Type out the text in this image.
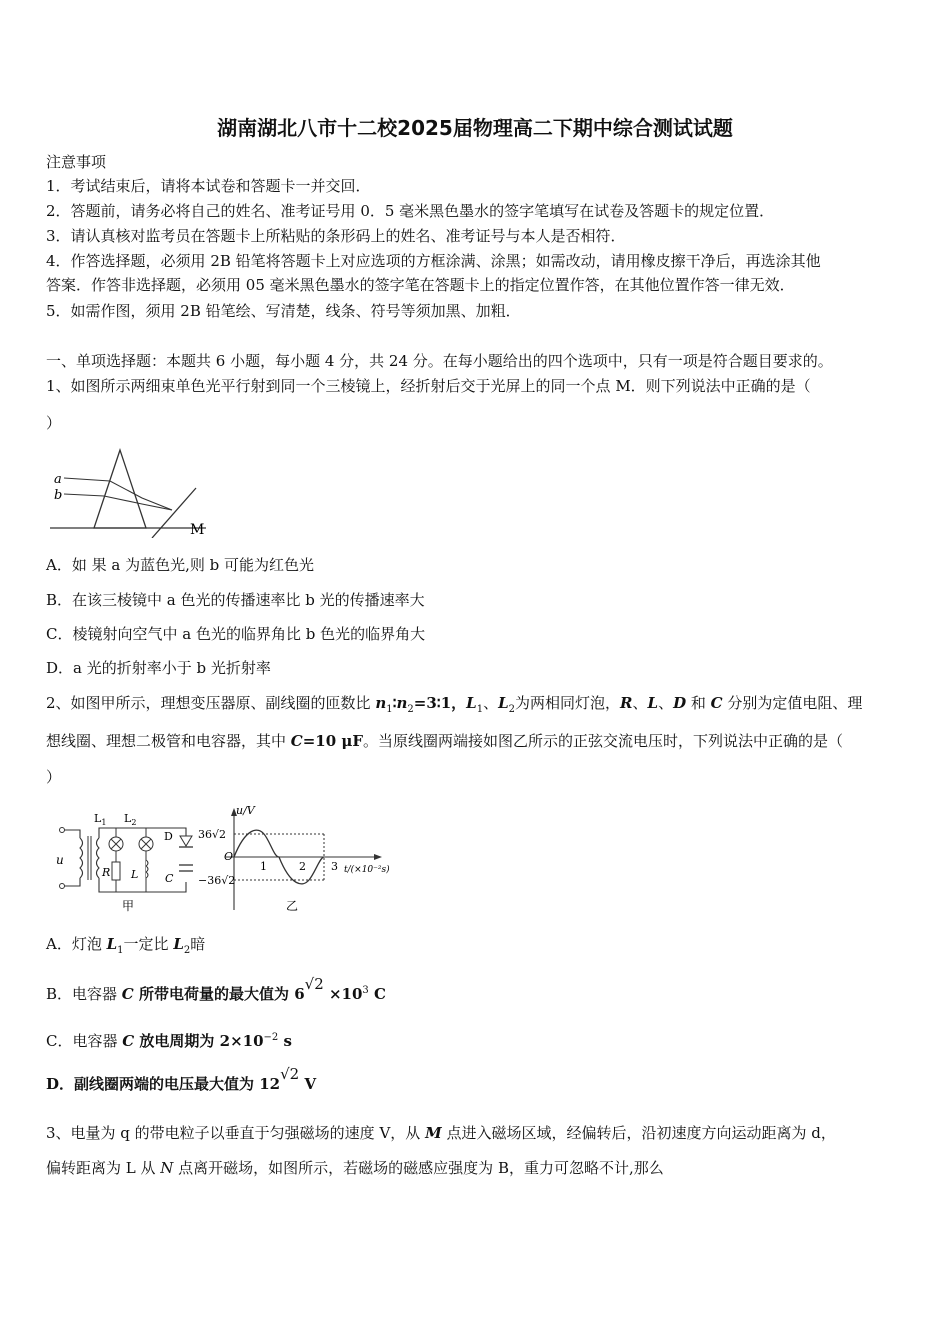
湖南湖北八市十二校2025届物理高二下期中综合测试试题
注意事项
1．考试结束后，请将本试卷和答题卡一并交回．
2．答题前，请务必将自己的姓名、准考证号用 0．5 毫米黑色墨水的签字笔填写在试卷及答题卡的规定位置．
3．请认真核对监考员在答题卡上所粘贴的条形码上的姓名、准考证号与本人是否相符．
4．作答选择题，必须用 2B 铅笔将答题卡上对应选项的方框涂满、涂黑；如需改动，请用橡皮擦干净后，再选涂其他
答案．作答非选择题，必须用 05 毫米黑色墨水的签字笔在答题卡上的指定位置作答，在其他位置作答一律无效．
5．如需作图，须用 2B 铅笔绘、写清楚，线条、符号等须加黑、加粗．
一、单项选择题：本题共 6 小题，每小题 4 分，共 24 分。在每小题给出的四个选项中，只有一项是符合题目要求的。
1、如图所示两细束单色光平行射到同一个三棱镜上，经折射后交于光屏上的同一个点 M．则下列说法中正确的是（
）
a
b
M
A．如 果 a 为蓝色光,则 b 可能为红色光
B．在该三棱镜中 a 色光的传播速率比 b 光的传播速率大
C．棱镜射向空气中 a 色光的临界角比 b 色光的临界角大
D．a 光的折射率小于 b 光折射率
2、如图甲所示，理想变压器原、副线圈的匝数比 $n_1∶n_2=3∶1$，$L_1$、$L_2$为两相同灯泡，R、L、D 和 C 分别为定值电阻、理
想线圈、理想二极管和电容器，其中 C=10 μF。当原线圈两端接如图乙所示的正弦交流电压时，下列说法中正确的是（
）
u
$L_1$ $L_2$
D
R L C
甲
u/V
36√2
−36√2
O
1	2 3 t/(×10⁻²s)
乙
A．灯泡 $L_1$一定比 $L_2$暗
B．电容器 C 所带电荷量的最大值为 $6√2 \times 10^3$ C
C．电容器 C 放电周期为 $2\times 10^{-2}$ s
D．副线圈两端的电压最大值为 12√2 V
3、电量为 q 的带电粒子以垂直于匀强磁场的速度 V，从 M 点进入磁场区域，经偏转后，沿初速度方向运动距离为 d，
偏转距离为 L 从 N 点离开磁场，如图所示，若磁场的磁感应强度为 B，重力可忽略不计,那么
